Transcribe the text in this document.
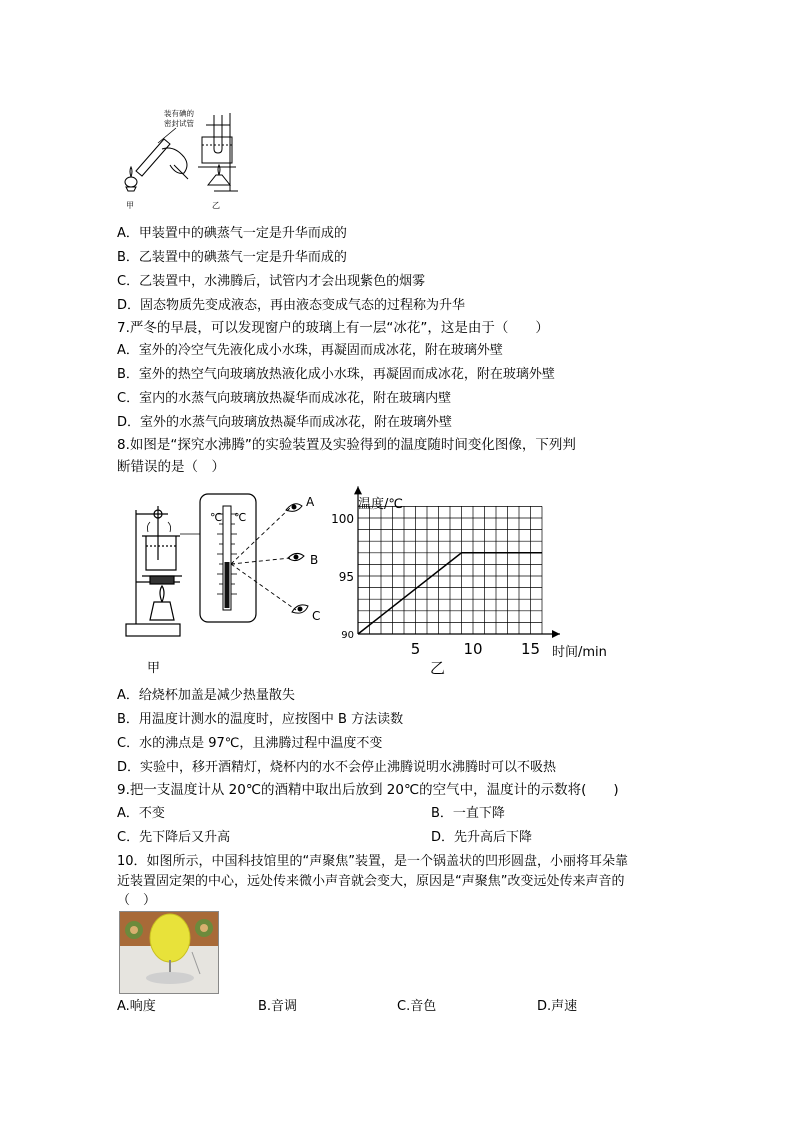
装有碘的
密封试管
甲	乙
A．甲装置中的碘蒸气一定是升华而成的
B．乙装置中的碘蒸气一定是升华而成的
C．乙装置中，水沸腾后，试管内才会出现紫色的烟雾
D．固态物质先变成液态，再由液态变成气态的过程称为升华
7.严冬的早晨，可以发现窗户的玻璃上有一层“冰花”，这是由于（　　）
A．室外的冷空气先液化成小水珠，再凝固而成冰花，附在玻璃外壁
B．室外的热空气向玻璃放热液化成小水珠，再凝固而成冰花，附在玻璃外壁
C．室内的水蒸气向玻璃放热凝华而成冰花，附在玻璃内壁
D．室外的水蒸气向玻璃放热凝华而成冰花，附在玻璃外壁
8.如图是“探究水沸腾”的实验装置及实验得到的温度随时间变化图像，下列判
断错误的是（　）
℃ ℃
A
B
C
甲
5	10	15
90
95
100
温度/℃
时间/min
乙
A．给烧杯加盖是减少热量散失
B．用温度计测水的温度时，应按图中 B 方法读数
C．水的沸点是 97℃，且沸腾过程中温度不变
D．实验中，移开酒精灯，烧杯内的水不会停止沸腾说明水沸腾时可以不吸热
9.把一支温度计从 20℃的酒精中取出后放到 20℃的空气中，温度计的示数将(　　)
A．不变	B．一直下降
C．先下降后又升高	D．先升高后下降
10．如图所示，中国科技馆里的“声聚焦”装置，是一个锅盖状的凹形圆盘，小丽将耳朵靠
近装置固定架的中心，远处传来微小声音就会变大，原因是“声聚焦”改变远处传来声音的
（　）
A.响度	B.音调	C.音色	D.声速
